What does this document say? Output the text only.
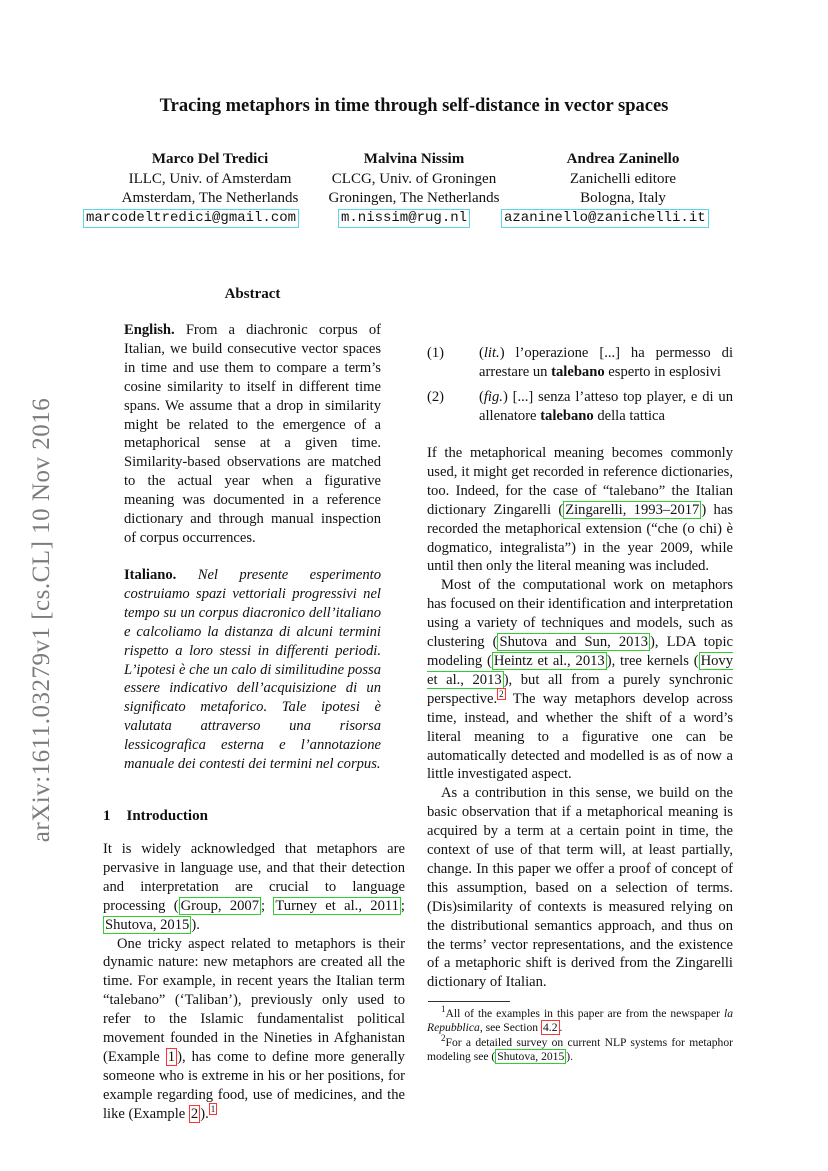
arXiv:1611.03279v1 [cs.CL] 10 Nov 2016
Tracing metaphors in time through self-distance in vector spaces
Marco Del Tredici
ILLC, Univ. of Amsterdam
Amsterdam, The Netherlands
Malvina Nissim
CLCG, Univ. of Groningen
Groningen, The Netherlands
Andrea Zaninello
Zanichelli editore
Bologna, Italy
marcodeltredici@gmail.com	m.nissim@rug.nl	azaninello@zanichelli.it
Abstract

English. From a diachronic corpus of Italian, we build consecutive vector spaces in time and use them to compare a term’s cosine similarity to itself in different time spans. We assume that a drop in similarity might be related to the emergence of a metaphorical sense at a given time. Similarity-based observations are matched to the actual year when a figurative meaning was documented in a reference dictionary and through manual inspection of corpus occurrences.

Italiano. Nel presente esperimento costruiamo spazi vettoriali progressivi nel tempo su un corpus diacronico dell’italiano e calcoliamo la distanza di alcuni termini rispetto a loro stessi in differenti periodi. L’ipotesi è che un calo di similitudine possa essere indicativo dell’acquisizione di un significato metaforico. Tale ipotesi è valutata attraverso una risorsa lessicografica esterna e l’annotazione manuale dei contesti dei termini nel corpus.

1 Introduction

It is widely acknowledged that metaphors are pervasive in language use, and that their detection and interpretation are crucial to language processing ( Group, 2007 ; Turney et al., 2011 ; Shutova, 2015 ).

One tricky aspect related to metaphors is their dynamic nature: new metaphors are created all the time. For example, in recent years the Italian term “talebano” (‘Taliban’), previously only used to refer to the Islamic fundamentalist political movement founded in the Nineties in Afghanistan (Example 1 ), has come to define more generally someone who is extreme in his or her positions, for example regarding food, use of medicines, and the like (Example 2 ). $^1$

(1)	(lit.) l’operazione [...] ha permesso di arrestare un talebano esperto in esplosivi
(2)	(fig.) [...] senza l’atteso top player, e di un allenatore talebano della tattica

If the metaphorical meaning becomes commonly used, it might get recorded in reference dictionaries, too. Indeed, for the case of “talebano” the Italian dictionary Zingarelli ( Zingarelli, 1993–2017 ) has recorded the metaphorical extension (“che (o chi) è dogmatico, integralista”) in the year 2009, while until then only the literal meaning was included.

Most of the computational work on metaphors has focused on their identification and interpretation using a variety of techniques and models, such as clustering ( Shutova and Sun, 2013 ), LDA topic modeling ( Heintz et al., 2013 ), tree kernels ( Hovy et al., 2013 ), but all from a purely synchronic perspective. $^2$ The way metaphors develop across time, instead, and whether the shift of a word’s literal meaning to a figurative one can be automatically detected and modelled is as of now a little investigated aspect.

As a contribution in this sense, we build on the basic observation that if a metaphorical meaning is acquired by a term at a certain point in time, the context of use of that term will, at least partially, change. In this paper we offer a proof of concept of this assumption, based on a selection of terms. (Dis)similarity of contexts is measured relying on the distributional semantics approach, and thus on the terms’ vector representations, and the existence of a metaphoric shift is derived from the Zingarelli dictionary of Italian.

$^1$All of the examples in this paper are from the newspaper la Repubblica, see Section 4.2 .
$^2$For a detailed survey on current NLP systems for metaphor modeling see ( Shutova, 2015 ).
